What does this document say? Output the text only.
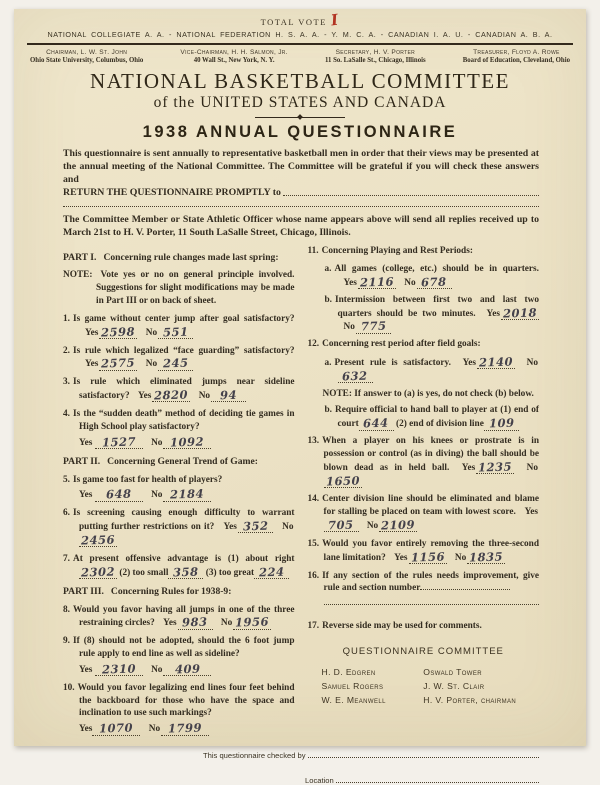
TOTAL VOTE I
NATIONAL COLLEGIATE A. A. - NATIONAL FEDERATION H. S. A. A. - Y. M. C. A. - CANADIAN I. A. U. - CANADIAN A. B. A.
Chairman, L. W. St. John
Ohio State University, Columbus, Ohio
Vice-Chairman, H. H. Salmon, Jr.
40 Wall St., New York, N. Y.
Secretary, H. V. Porter
11 So. LaSalle St., Chicago, Illinois
Treasurer, Floyd A. Rowe
Board of Education, Cleveland, Ohio
NATIONAL BASKETBALL COMMITTEE
of the UNITED STATES AND CANADA
1938 ANNUAL QUESTIONNAIRE
This questionnaire is sent annually to representative basketball men in order that their views may be presented at the annual meeting of the National Committee. The Committee will be grateful if you will check these answers and
RETURN THE QUESTIONNAIRE PROMPTLY to
The Committee Member or State Athletic Officer whose name appears above will send all replies received up to March 21st to H. V. Porter, 11 South LaSalle Street, Chicago, Illinois.
PART I. Concerning rule changes made last spring:
NOTE: Vote yes or no on general principle involved. Suggestions for slight modifications may be made in Part III or on back of sheet.
1. Is game without center jump after goal satisfactory? Yes 2598 No 551
2. Is rule which legalized “face guarding” satisfactory? Yes 2575 No 245
3. Is rule which eliminated jumps near sideline satisfactory? Yes 2820 No 94
4. Is the “sudden death” method of deciding tie games in High School play satisfactory?
Yes 1527 No 1092
PART II. Concerning General Trend of Game:
5. Is game too fast for health of players?
Yes 648 No 2184
6. Is screening causing enough difficulty to warrant putting further restrictions on it? Yes 352 No2456
7. At present offensive advantage is (1) about right2302 (2) too small 358 (3) too great 224
PART III. Concerning Rules for 1938-9:
8. Would you favor having all jumps in one of the three restraining circles? Yes 983 No 1956
9. If (8) should not be adopted, should the 6 foot jump rule apply to end line as well as sideline?
Yes 2310 No 409
10. Would you favor legalizing end lines four feet behind the backboard for those who have the space and inclination to use such markings?
Yes 1070 No 1799
11. Concerning Playing and Rest Periods:
a. All games (college, etc.) should be in quarters. Yes 2116 No 678
b. Intermission between first two and last two quarters should be two minutes. Yes 2018 No 775
12. Concerning rest period after field goals:
a. Present rule is satisfactory. Yes 2140 No632
NOTE: If answer to (a) is yes, do not check (b) below.
b. Require official to hand ball to player at (1) end of court 644 (2) end of division line 109
13. When a player on his knees or prostrate is in possession or control (as in diving) the ball should be blown dead as in held ball. Yes 1235 No1650
14. Center division line should be eliminated and blame for stalling be placed on team with lowest score. Yes705 No 2109
15. Would you favor entirely removing the three-second lane limitation? Yes 1156 No 1835
16. If any section of the rules needs improvement, give rule and section number
17. Reverse side may be used for comments.
QUESTIONNAIRE COMMITTEE
H. D. Edgren
Samuel Rogers
W. E. Meanwell
Oswald Tower
J. W. St. Clair
H. V. Porter, chairman
This questionnaire checked by
Location
